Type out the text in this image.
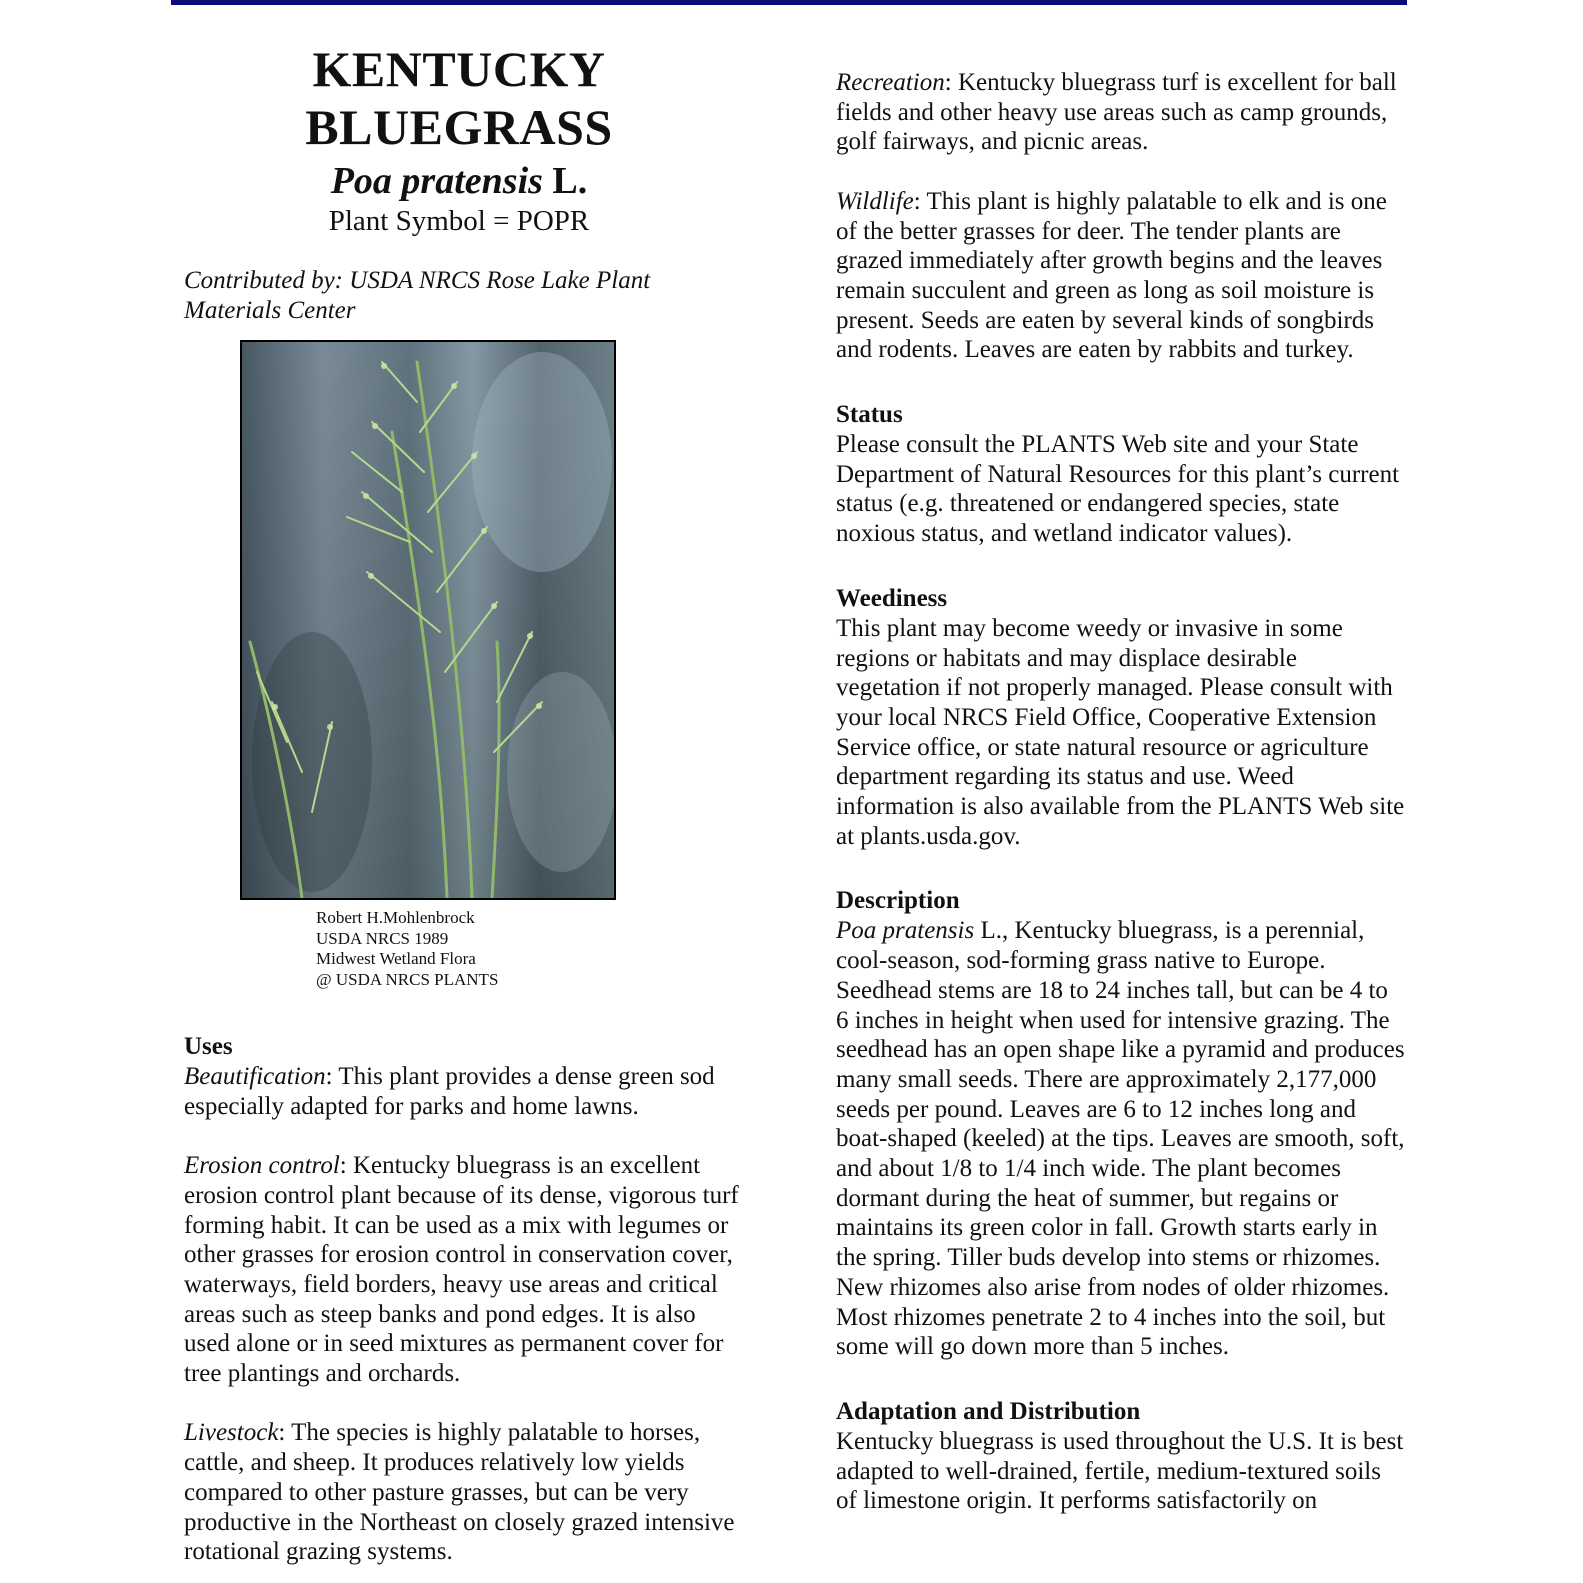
KENTUCKY
BLUEGRASS
Poa pratensis L.
Plant Symbol = POPR
Contributed by: USDA NRCS Rose Lake Plant
Materials Center
Robert H.Mohlenbrock
USDA NRCS 1989
Midwest Wetland Flora
@ USDA NRCS PLANTS
Uses

Beautification: This plant provides a dense green sod especially adapted for parks and home lawns.

Erosion control: Kentucky bluegrass is an excellent erosion control plant because of its dense, vigorous turf forming habit. It can be used as a mix with legumes or other grasses for erosion control in conservation cover, waterways, field borders, heavy use areas and critical areas such as steep banks and pond edges. It is also used alone or in seed mixtures as permanent cover for tree plantings and orchards.

Livestock: The species is highly palatable to horses, cattle, and sheep. It produces relatively low yields compared to other pasture grasses, but can be very productive in the Northeast on closely grazed intensive rotational grazing systems.

Recreation: Kentucky bluegrass turf is excellent for ball fields and other heavy use areas such as camp grounds, golf fairways, and picnic areas.

Wildlife: This plant is highly palatable to elk and is one of the better grasses for deer. The tender plants are grazed immediately after growth begins and the leaves remain succulent and green as long as soil moisture is present. Seeds are eaten by several kinds of songbirds and rodents. Leaves are eaten by rabbits and turkey.

Status

Please consult the PLANTS Web site and your State Department of Natural Resources for this plant’s current status (e.g. threatened or endangered species, state noxious status, and wetland indicator values).

Weediness

This plant may become weedy or invasive in some regions or habitats and may displace desirable vegetation if not properly managed. Please consult with your local NRCS Field Office, Cooperative Extension Service office, or state natural resource or agriculture department regarding its status and use. Weed information is also available from the PLANTS Web site at plants.usda.gov.

Description

Poa pratensis L., Kentucky bluegrass, is a perennial, cool-season, sod-forming grass native to Europe. Seedhead stems are 18 to 24 inches tall, but can be 4 to 6 inches in height when used for intensive grazing. The seedhead has an open shape like a pyramid and produces many small seeds. There are approximately 2,177,000 seeds per pound. Leaves are 6 to 12 inches long and boat-shaped (keeled) at the tips. Leaves are smooth, soft, and about 1/8 to 1/4 inch wide. The plant becomes dormant during the heat of summer, but regains or maintains its green color in fall. Growth starts early in the spring. Tiller buds develop into stems or rhizomes. New rhizomes also arise from nodes of older rhizomes. Most rhizomes penetrate 2 to 4 inches into the soil, but some will go down more than 5 inches.

Adaptation and Distribution

Kentucky bluegrass is used throughout the U.S. It is best adapted to well-drained, fertile, medium-textured soils of limestone origin. It performs satisfactorily on
